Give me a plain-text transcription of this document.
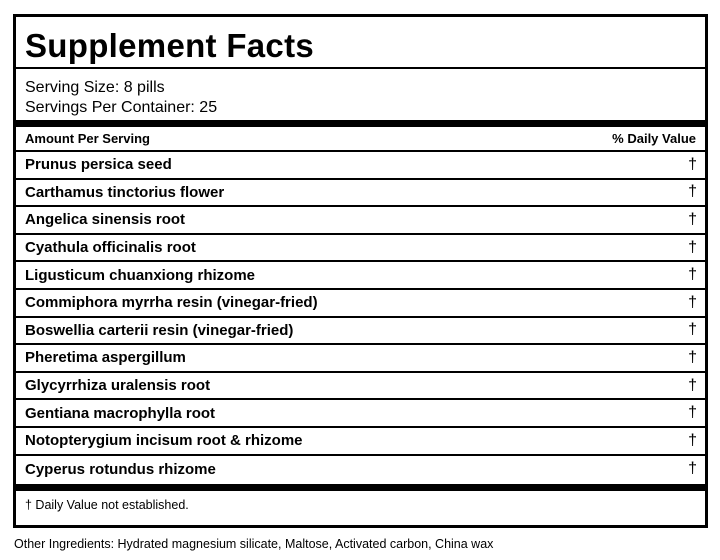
Supplement Facts
Serving Size: 8 pills
Servings Per Container: 25
Amount Per Serving	% Daily Value
Prunus persica seed	†
Carthamus tinctorius flower	†
Angelica sinensis root	†
Cyathula officinalis root	†
Ligusticum chuanxiong rhizome	†
Commiphora myrrha resin (vinegar-fried)	†
Boswellia carterii resin (vinegar-fried)	†
Pheretima aspergillum	†
Glycyrrhiza uralensis root	†
Gentiana macrophylla root	†
Notopterygium incisum root & rhizome	†
Cyperus rotundus rhizome	†
† Daily Value not established.
Other Ingredients: Hydrated magnesium silicate, Maltose, Activated carbon, China wax
